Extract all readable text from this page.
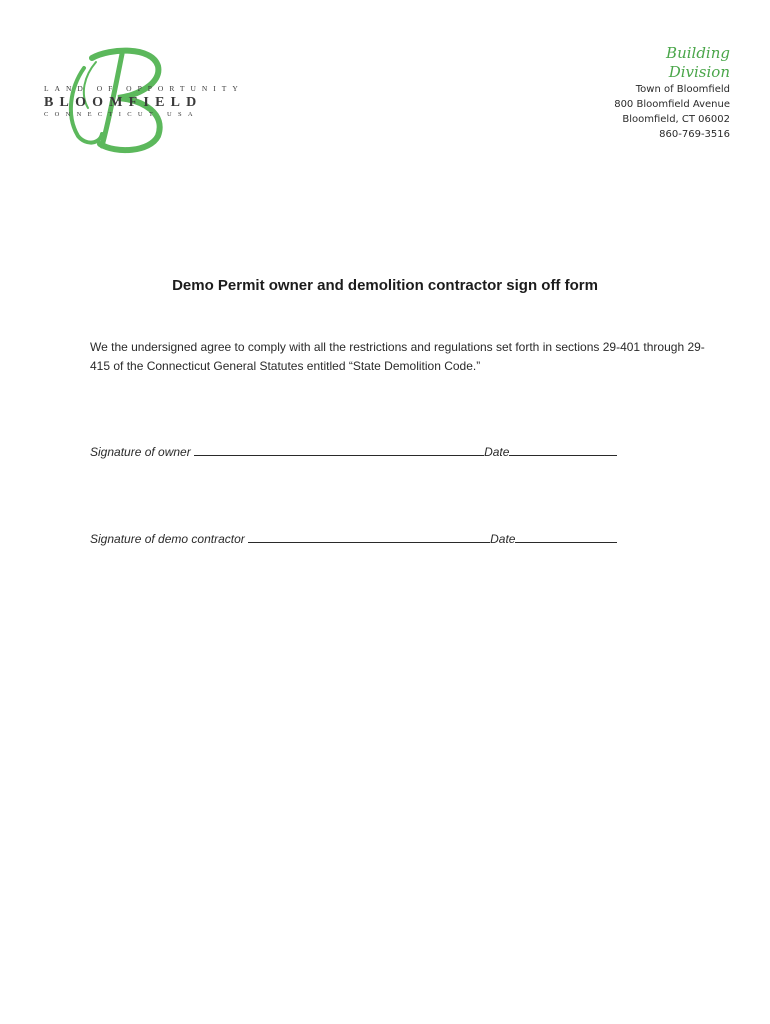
LAND OF OPPORTUNITY
BLOOMFIELD
CONNECTICUT USA
Building
Division
Town of Bloomfield
800 Bloomfield Avenue
Bloomfield, CT 06002
860-769-3516
Demo Permit owner and demolition contractor sign off form
We the undersigned agree to comply with all the restrictions and regulations set forth in sections 29-401 through 29-415 of the Connecticut General Statutes entitled “State Demolition Code.”
Signature of owner	Date
Signature of demo contractor	Date
